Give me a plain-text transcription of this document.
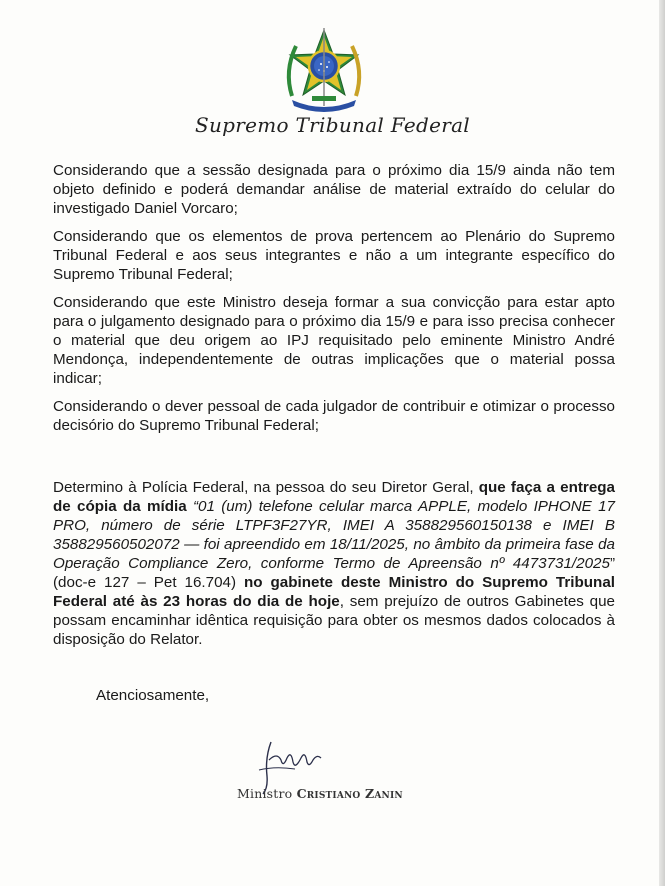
Supremo Tribunal Federal

Considerando que a sessão designada para o próximo dia 15/9 ainda não tem objeto definido e poderá demandar análise de material extraído do celular do investigado Daniel Vorcaro;

Considerando que os elementos de prova pertencem ao Plenário do Supremo Tribunal Federal e aos seus integrantes e não a um integrante específico do Supremo Tribunal Federal;

Considerando que este Ministro deseja formar a sua convicção para estar apto para o julgamento designado para o próximo dia 15/9 e para isso precisa conhecer o material que deu origem ao IPJ requisitado pelo eminente Ministro André Mendonça, independentemente de outras implicações que o material possa indicar;

Considerando o dever pessoal de cada julgador de contribuir e otimizar o processo decisório do Supremo Tribunal Federal;

Determino à Polícia Federal, na pessoa do seu Diretor Geral, que faça a entrega de cópia da mídia “01 (um) telefone celular marca APPLE, modelo IPHONE 17 PRO, número de série LTPF3F27YR, IMEI A 358829560150138 e IMEI B 358829560502072 — foi apreendido em 18/11/2025, no âmbito da primeira fase da Operação Compliance Zero, conforme Termo de Apreensão nº 4473731/2025” (doc-e 127 – Pet 16.704) no gabinete deste Ministro do Supremo Tribunal Federal até às 23 horas do dia de hoje, sem prejuízo de outros Gabinetes que possam encaminhar idêntica requisição para obter os mesmos dados colocados à disposição do Relator.

Atenciosamente,
Ministro Cristiano Zanin
